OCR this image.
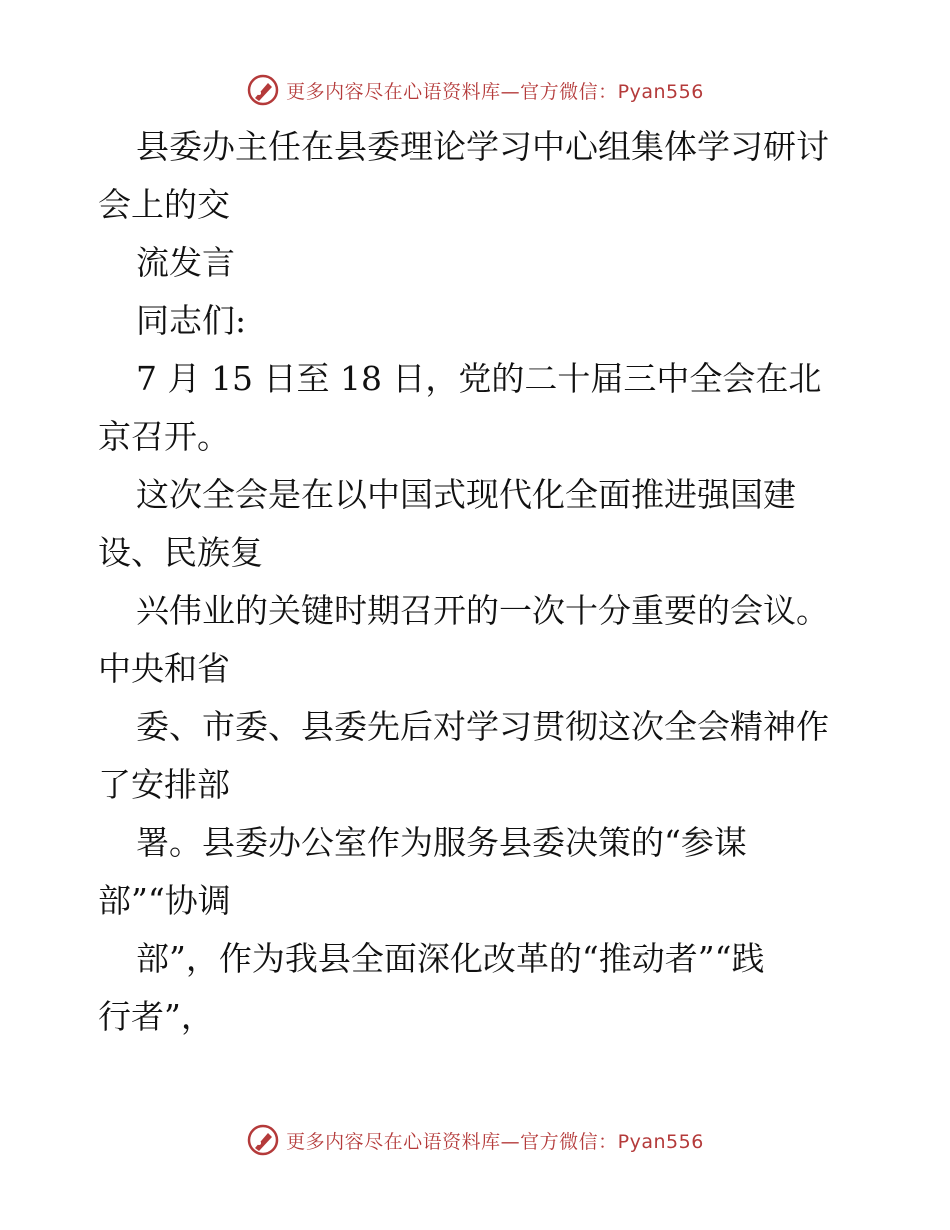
更多内容尽在心语资料库—官方微信：Pyan556

县委办主任在县委理论学习中心组集体学习研讨

会上的交

流发言

同志们:

7 月 15 日至 18 日，党的二十届三中全会在北

京召开。

这次全会是在以中国式现代化全面推进强国建

设、民族复

兴伟业的关键时期召开的一次十分重要的会议。

中央和省

委、市委、县委先后对学习贯彻这次全会精神作

了安排部

署。县委办公室作为服务县委决策的“参谋

部”“协调

部”，作为我县全面深化改革的“推动者”“践

行者”，

更多内容尽在心语资料库—官方微信：Pyan556
